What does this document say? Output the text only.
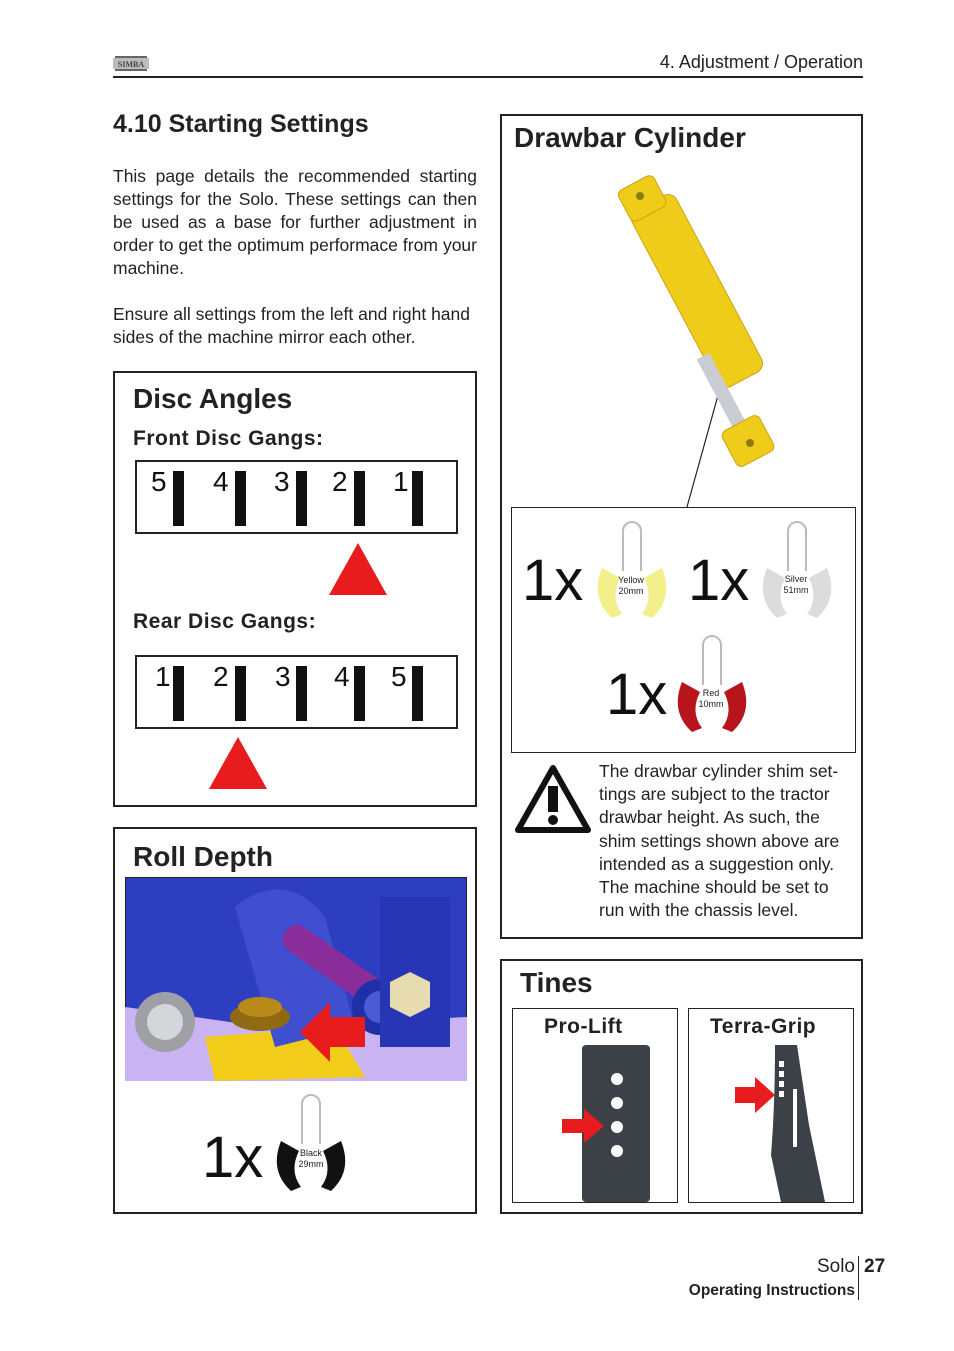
SIMBA	4. Adjustment / Operation
4.10 Starting Settings
This page details the recommended starting settings for the Solo. These settings can then be used as a base for further adjustment in order to get the optimum performace from your machine.
Ensure all settings from the left and right hand sides of the machine mirror each other.
Disc Angles
Front Disc Gangs:
5 4 3 2 1
Rear Disc Gangs:
1 2 3 4 5
Roll Depth
1x	Black
29mm
Drawbar Cylinder
1x	Yellow
20mm 1x	Silver
51mm
1x	Red
10mm
The drawbar cylinder shim set-tings are subject to the tractor drawbar height. As such, the shim settings shown above are intended as a suggestion only. The machine should be set to run with the chassis level.
Tines
Pro-Lift	Terra-Grip
Solo 27
Operating Instructions
